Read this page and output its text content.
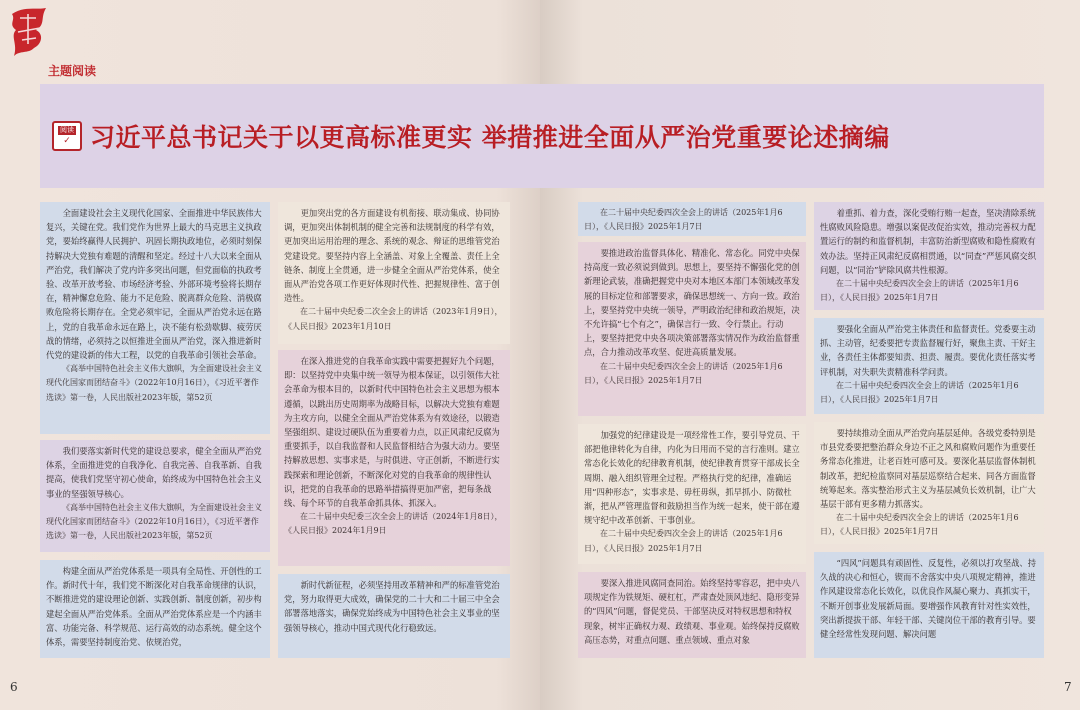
主题阅读
阅读
✓ 习近平总书记关于以更高标准更实 举措推进全面从严治党重要论述摘编

全面建设社会主义现代化国家、全面推进中华民族伟大复兴，关键在党。我们党作为世界上最大的马克思主义执政党，要始终赢得人民拥护、巩固长期执政地位，必须时刻保持解决大党独有难题的清醒和坚定。经过十八大以来全面从严治党，我们解决了党内许多突出问题，但党面临的执政考验、改革开放考验、市场经济考验、外部环境考验将长期存在，精神懈怠危险、能力不足危险、脱离群众危险、消极腐败危险将长期存在。全党必须牢记，全面从严治党永远在路上，党的自我革命永远在路上，决不能有松劲歇脚、疲劳厌战的情绪，必须持之以恒推进全面从严治党，深入推进新时代党的建设新的伟大工程，以党的自我革命引领社会革命。

《高举中国特色社会主义伟大旗帜，为全面建设社会主义现代化国家而团结奋斗》（2022年10月16日），《习近平著作选读》第一卷，人民出版社2023年版，第52页

我们要落实新时代党的建设总要求，健全全面从严治党体系，全面推进党的自我净化、自我完善、自我革新、自我提高，使我们党坚守初心使命，始终成为中国特色社会主义事业的坚强领导核心。

《高举中国特色社会主义伟大旗帜，为全面建设社会主义现代化国家而团结奋斗》（2022年10月16日），《习近平著作选读》第一卷，人民出版社2023年版，第52页

构建全面从严治党体系是一项具有全局性、开创性的工作。新时代十年，我们党不断深化对自我革命规律的认识，不断推进党的建设理论创新、实践创新、制度创新，初步构建起全面从严治党体系。全面从严治党体系应是一个内涵丰富、功能完备、科学规范、运行高效的动态系统。健全这个体系，需要坚持制度治党、依规治党，

更加突出党的各方面建设有机衔接、联动集成、协同协调，更加突出体制机制的健全完善和法规制度的科学有效，更加突出运用治理的理念、系统的观念、辩证的思维管党治党建设党。要坚持内容上全涵盖、对象上全覆盖、责任上全链条、制度上全贯通，进一步健全全面从严治党体系，使全面从严治党各项工作更好体现时代性、把握规律性、富于创造性。

在二十届中央纪委二次全会上的讲话（2023年1月9日），《人民日报》2023年1月10日

在深入推进党的自我革命实践中需要把握好九个问题，即：以坚持党中央集中统一领导为根本保证，以引领伟大社会革命为根本目的，以新时代中国特色社会主义思想为根本遵循，以跳出历史周期率为战略目标，以解决大党独有难题为主攻方向，以健全全面从严治党体系为有效途径，以锻造坚强组织、建设过硬队伍为重要着力点，以正风肃纪反腐为重要抓手，以自我监督和人民监督相结合为强大动力。要坚持解放思想、实事求是，与时俱进、守正创新，不断进行实践探索和理论创新，不断深化对党的自我革命的规律性认识，把党的自我革命的思路举措搞得更加严密，把每条战线、每个环节的自我革命抓具体、抓深入。

在二十届中央纪委三次全会上的讲话（2024年1月8日），《人民日报》2024年1月9日

新时代新征程，必须坚持用改革精神和严的标准管党治党，努力取得更大成效，确保党的二十大和二十届三中全会部署落地落实，确保党始终成为中国特色社会主义事业的坚强领导核心，推动中国式现代化行稳致远。

在二十届中央纪委四次全会上的讲话（2025年1月6日），《人民日报》2025年1月7日

要推进政治监督具体化、精准化、常态化。同党中央保持高度一致必须说到做到。思想上，要坚持不懈强化党的创新理论武装，准确把握党中央对本地区本部门本领域改革发展的目标定位和部署要求，确保思想统一、方向一致。政治上，要坚持党中央统一领导，严明政治纪律和政治规矩，决不允许搞“七个有之”，确保言行一致、令行禁止。行动上，要坚持把党中央各项决策部署落实情况作为政治监督重点，合力推动改革攻坚、促进高质量发展。

在二十届中央纪委四次全会上的讲话（2025年1月6日），《人民日报》2025年1月7日

加强党的纪律建设是一项经常性工作，要引导党员、干部把他律转化为自律，内化为日用而不觉的言行准则。建立常态化长效化的纪律教育机制，使纪律教育贯穿干部成长全周期、融入组织管理全过程。严格执行党的纪律，准确运用“四种形态”，实事求是、毋枉毋纵，抓早抓小、防微杜渐，把从严管理监督和鼓励担当作为统一起来，使干部在遵规守纪中改革创新、干事创业。

在二十届中央纪委四次全会上的讲话（2025年1月6日），《人民日报》2025年1月7日

要深入推进风腐同查同治。始终坚持零容忍，把中央八项规定作为铁规矩、硬杠杠，严肃查处顶风违纪、隐形变异的“四风”问题，督促党员、干部坚决反对特权思想和特权现象，树牢正确权力观、政绩观、事业观。始终保持反腐败高压态势，对重点问题、重点领域、重点对象

着重抓、着力查，深化受贿行贿一起查，坚决清除系统性腐败风险隐患。增强以案促改促治实效，推动完善权力配置运行的制约和监督机制，丰富防治新型腐败和隐性腐败有效办法。坚持正风肃纪反腐相贯通，以“同查”严惩风腐交织问题，以“同治”铲除风腐共性根源。

在二十届中央纪委四次全会上的讲话（2025年1月6日），《人民日报》2025年1月7日

要强化全面从严治党主体责任和监督责任。党委要主动抓、主动管，纪委要把专责监督履行好，聚焦主责、干好主业，各责任主体都要知责、担责、履责。要优化责任落实考评机制，对失职失责精准科学问责。

在二十届中央纪委四次全会上的讲话（2025年1月6日），《人民日报》2025年1月7日

要持续推动全面从严治党向基层延伸。各级党委特别是市县党委要把整治群众身边不正之风和腐败问题作为重要任务常态化推进，让老百姓可感可及。要深化基层监督体制机制改革，把纪检监察同对基层巡察结合起来、同各方面监督统筹起来。落实整治形式主义为基层减负长效机制，让广大基层干部有更多精力抓落实。

在二十届中央纪委四次全会上的讲话（2025年1月6日），《人民日报》2025年1月7日

“四风”问题具有顽固性、反复性，必须以打攻坚战、持久战的决心和恒心，锲而不舍落实中央八项规定精神，推进作风建设常态化长效化，以优良作风凝心聚力、真抓实干，不断开创事业发展新局面。要增强作风教育针对性实效性，突出新提拔干部、年轻干部、关键岗位干部的教育引导。要健全经常性发现问题、解决问题

6	7
